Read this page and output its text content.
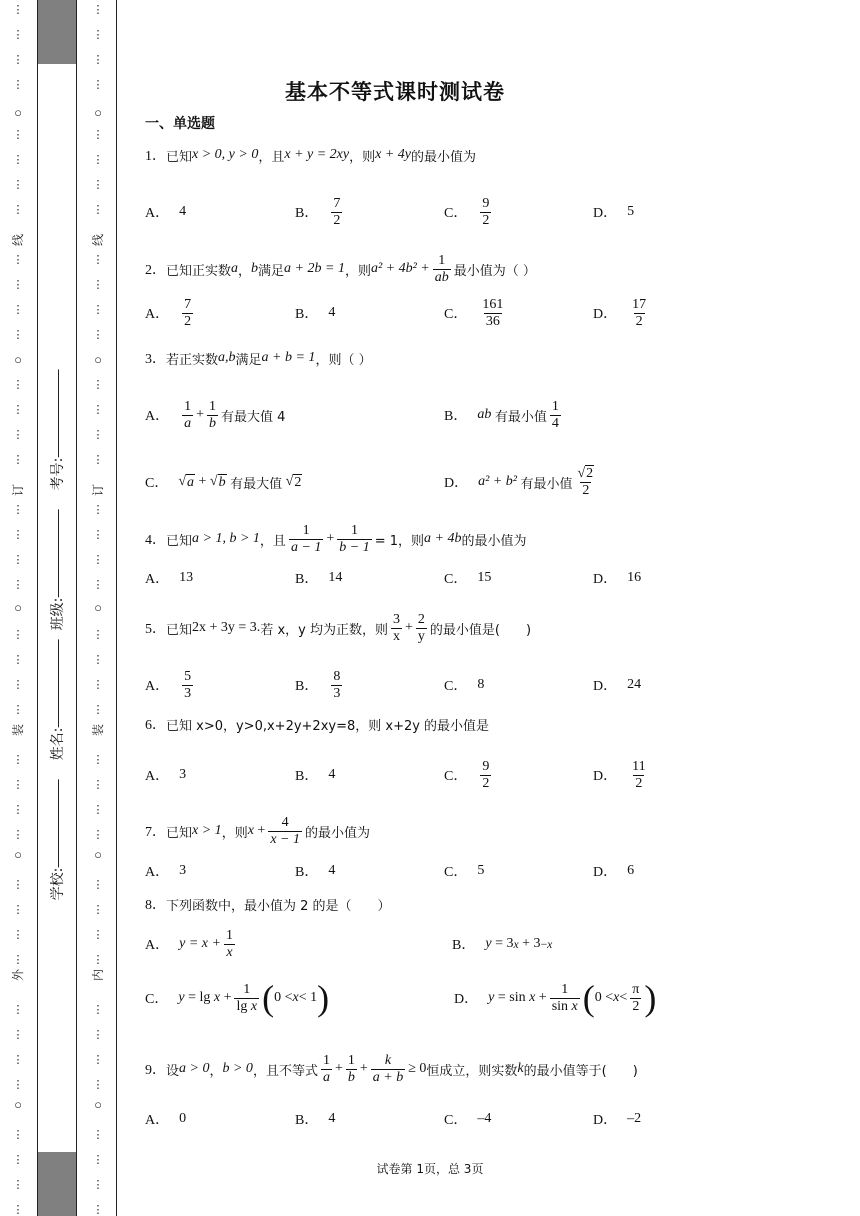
⋮
⋮
⋮
⋮
⋮
⋮
⋮
⋮
⋮
⋮
⋮
⋮
⋮
⋮
⋮
⋮
⋮
⋮
⋮
⋮
⋮
⋮
⋮
⋮
⋮
⋮
⋮
⋮
⋮
⋮
⋮
⋮
⋮
⋮
⋮
⋮
⋮
⋮
⋮
⋮
○
○
○
○
○
线
订
装
外
学校:
姓名:
班级:
考号:
⋮
⋮
⋮
⋮
⋮
⋮
⋮
⋮
⋮
⋮
⋮
⋮
⋮
⋮
⋮
⋮
⋮
⋮
⋮
⋮
⋮
⋮
⋮
⋮
⋮
⋮
⋮
⋮
⋮
⋮
⋮
⋮
⋮
⋮
⋮
⋮
⋮
⋮
⋮
⋮
○
○
○
○
○
线
订
装
内
基本不等式课时测试卷
一、单选题
1． 已知 x > 0, y > 0 ，且 x + y = 2xy ，则 x + 4y 的最小值为
A． 4	B． $\frac{7}{2}$	C． $\frac{9}{2}$	D． 5
2． 已知正实数 a ， b 满足 a + 2b = 1 ，则 $a^2 + 4b^2 + \frac{1}{ab}$ 最小值为（ ）
A． $\frac{7}{2}$	B． 4	C． $\frac{161}{36}$	D． $\frac{17}{2}$
3． 若正实数 a,b 满足 a + b = 1 ，则（ ）
A． $\frac{1}{a} + \frac{1}{b}$ 有最大值 4	B． ab
有最小值 $\frac{1}{4}$
C． √ a + √ b
有最大值 √ 2	D． a² + b²
有最小值 $\frac{√2}{2}$
4． 已知 a > 1, b > 1 ，且 $\frac{1}{a - 1} + \frac{1}{b - 1} = 1$，则 a + 4b 的最小值为
A． 13	B． 14	C． 15	D． 16
5． 已知 2x + 3y = 3. 若 x，y 均为正数，则 $\frac{3}{x} + \frac{2}{y}$ 的最小值是(　　)
A． $\frac{5}{3}$	B． $\frac{8}{3}$	C． 8	D． 24
6． 已知 x>0，y>0,x+2y+2xy=8，则 x+2y 的最小值是
A． 3	B． 4	C． $\frac{9}{2}$	D． $\frac{11}{2}$
7． 已知 x > 1 ，则 $x + \frac{4}{x - 1}$ 的最小值为
A． 3	B． 4	C． 5	D． 6
8． 下列函数中，最小值为 2 的是（　　）
A． $y = x + \frac{1}{x}$	B． y = 3 x + 3 −x
C． $y = \lg x + \frac{1}{\text{lg x}}$ ( 0 < x < 1 )	D． $y = \sin x + \frac{1}{\text{sin x}}$ ( $0 < x < \frac{\pi}{2}$ )
9． 设 a > 0 ， b > 0 ，且不等式 $\frac{1}{a} + \frac{1}{b} + \frac{k}{a + b} \ge 0$ 恒成立，则实数 k 的最小值等于(　　)
A． 0	B． 4	C． –4	D． –2
试卷第 1页，总 3页
